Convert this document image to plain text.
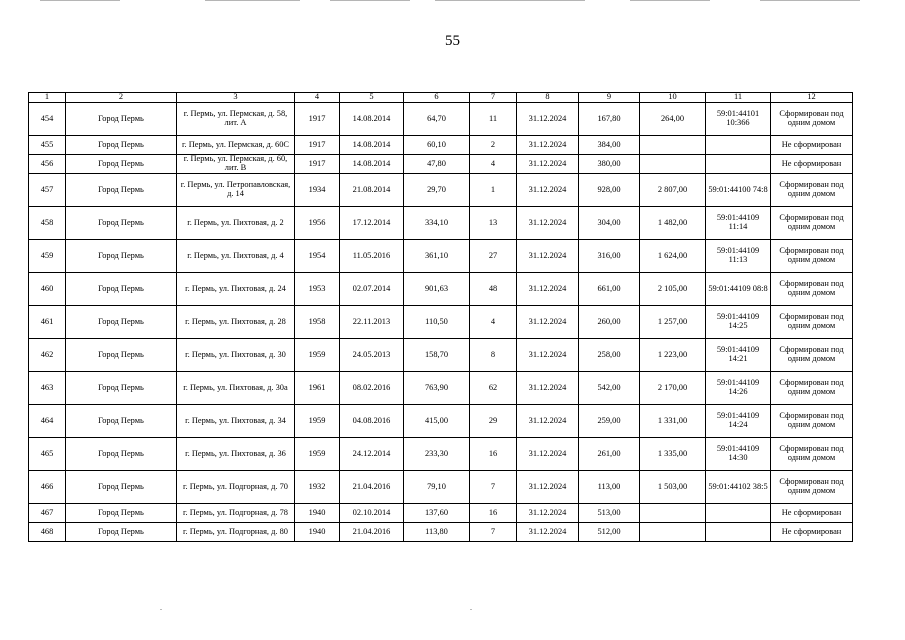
55
1	2	3	4	5	6	7	8	9	10	11	12
454	Город Пермь	г. Пермь, ул. Пермская, д. 58, лит. А	1917	14.08.2014	64,70	11	31.12.2024	167,80	264,00	59:01:44101 10:366	Сформирован под одним домом
455	Город Пермь	г. Пермь, ул. Пермская, д. 60С	1917	14.08.2014	60,10	2	31.12.2024	384,00			Не сформирован
456	Город Пермь	г. Пермь, ул. Пермская, д. 60, лит. В	1917	14.08.2014	47,80	4	31.12.2024	380,00			Не сформирован
457	Город Пермь	г. Пермь, ул. Петропавловская, д. 14	1934	21.08.2014	29,70	1	31.12.2024	928,00	2 807,00	59:01:44100 74:8	Сформирован под одним домом
458	Город Пермь	г. Пермь, ул. Пихтовая, д. 2	1956	17.12.2014	334,10	13	31.12.2024	304,00	1 482,00	59:01:44109 11:14	Сформирован под одним домом
459	Город Пермь	г. Пермь, ул. Пихтовая, д. 4	1954	11.05.2016	361,10	27	31.12.2024	316,00	1 624,00	59:01:44109 11:13	Сформирован под одним домом
460	Город Пермь	г. Пермь, ул. Пихтовая, д. 24	1953	02.07.2014	901,63	48	31.12.2024	661,00	2 105,00	59:01:44109 08:8	Сформирован под одним домом
461	Город Пермь	г. Пермь, ул. Пихтовая, д. 28	1958	22.11.2013	110,50	4	31.12.2024	260,00	1 257,00	59:01:44109 14:25	Сформирован под одним домом
462	Город Пермь	г. Пермь, ул. Пихтовая, д. 30	1959	24.05.2013	158,70	8	31.12.2024	258,00	1 223,00	59:01:44109 14:21	Сформирован под одним домом
463	Город Пермь	г. Пермь, ул. Пихтовая, д. 30а	1961	08.02.2016	763,90	62	31.12.2024	542,00	2 170,00	59:01:44109 14:26	Сформирован под одним домом
464	Город Пермь	г. Пермь, ул. Пихтовая, д. 34	1959	04.08.2016	415,00	29	31.12.2024	259,00	1 331,00	59:01:44109 14:24	Сформирован под одним домом
465	Город Пермь	г. Пермь, ул. Пихтовая, д. 36	1959	24.12.2014	233,30	16	31.12.2024	261,00	1 335,00	59:01:44109 14:30	Сформирован под одним домом
466	Город Пермь	г. Пермь, ул. Подгорная, д. 70	1932	21.04.2016	79,10	7	31.12.2024	113,00	1 503,00	59:01:44102 38:5	Сформирован под одним домом
467	Город Пермь	г. Пермь, ул. Подгорная, д. 78	1940	02.10.2014	137,60	16	31.12.2024	513,00			Не сформирован
468	Город Пермь	г. Пермь, ул. Подгорная, д. 80	1940	21.04.2016	113,80	7	31.12.2024	512,00			Не сформирован
